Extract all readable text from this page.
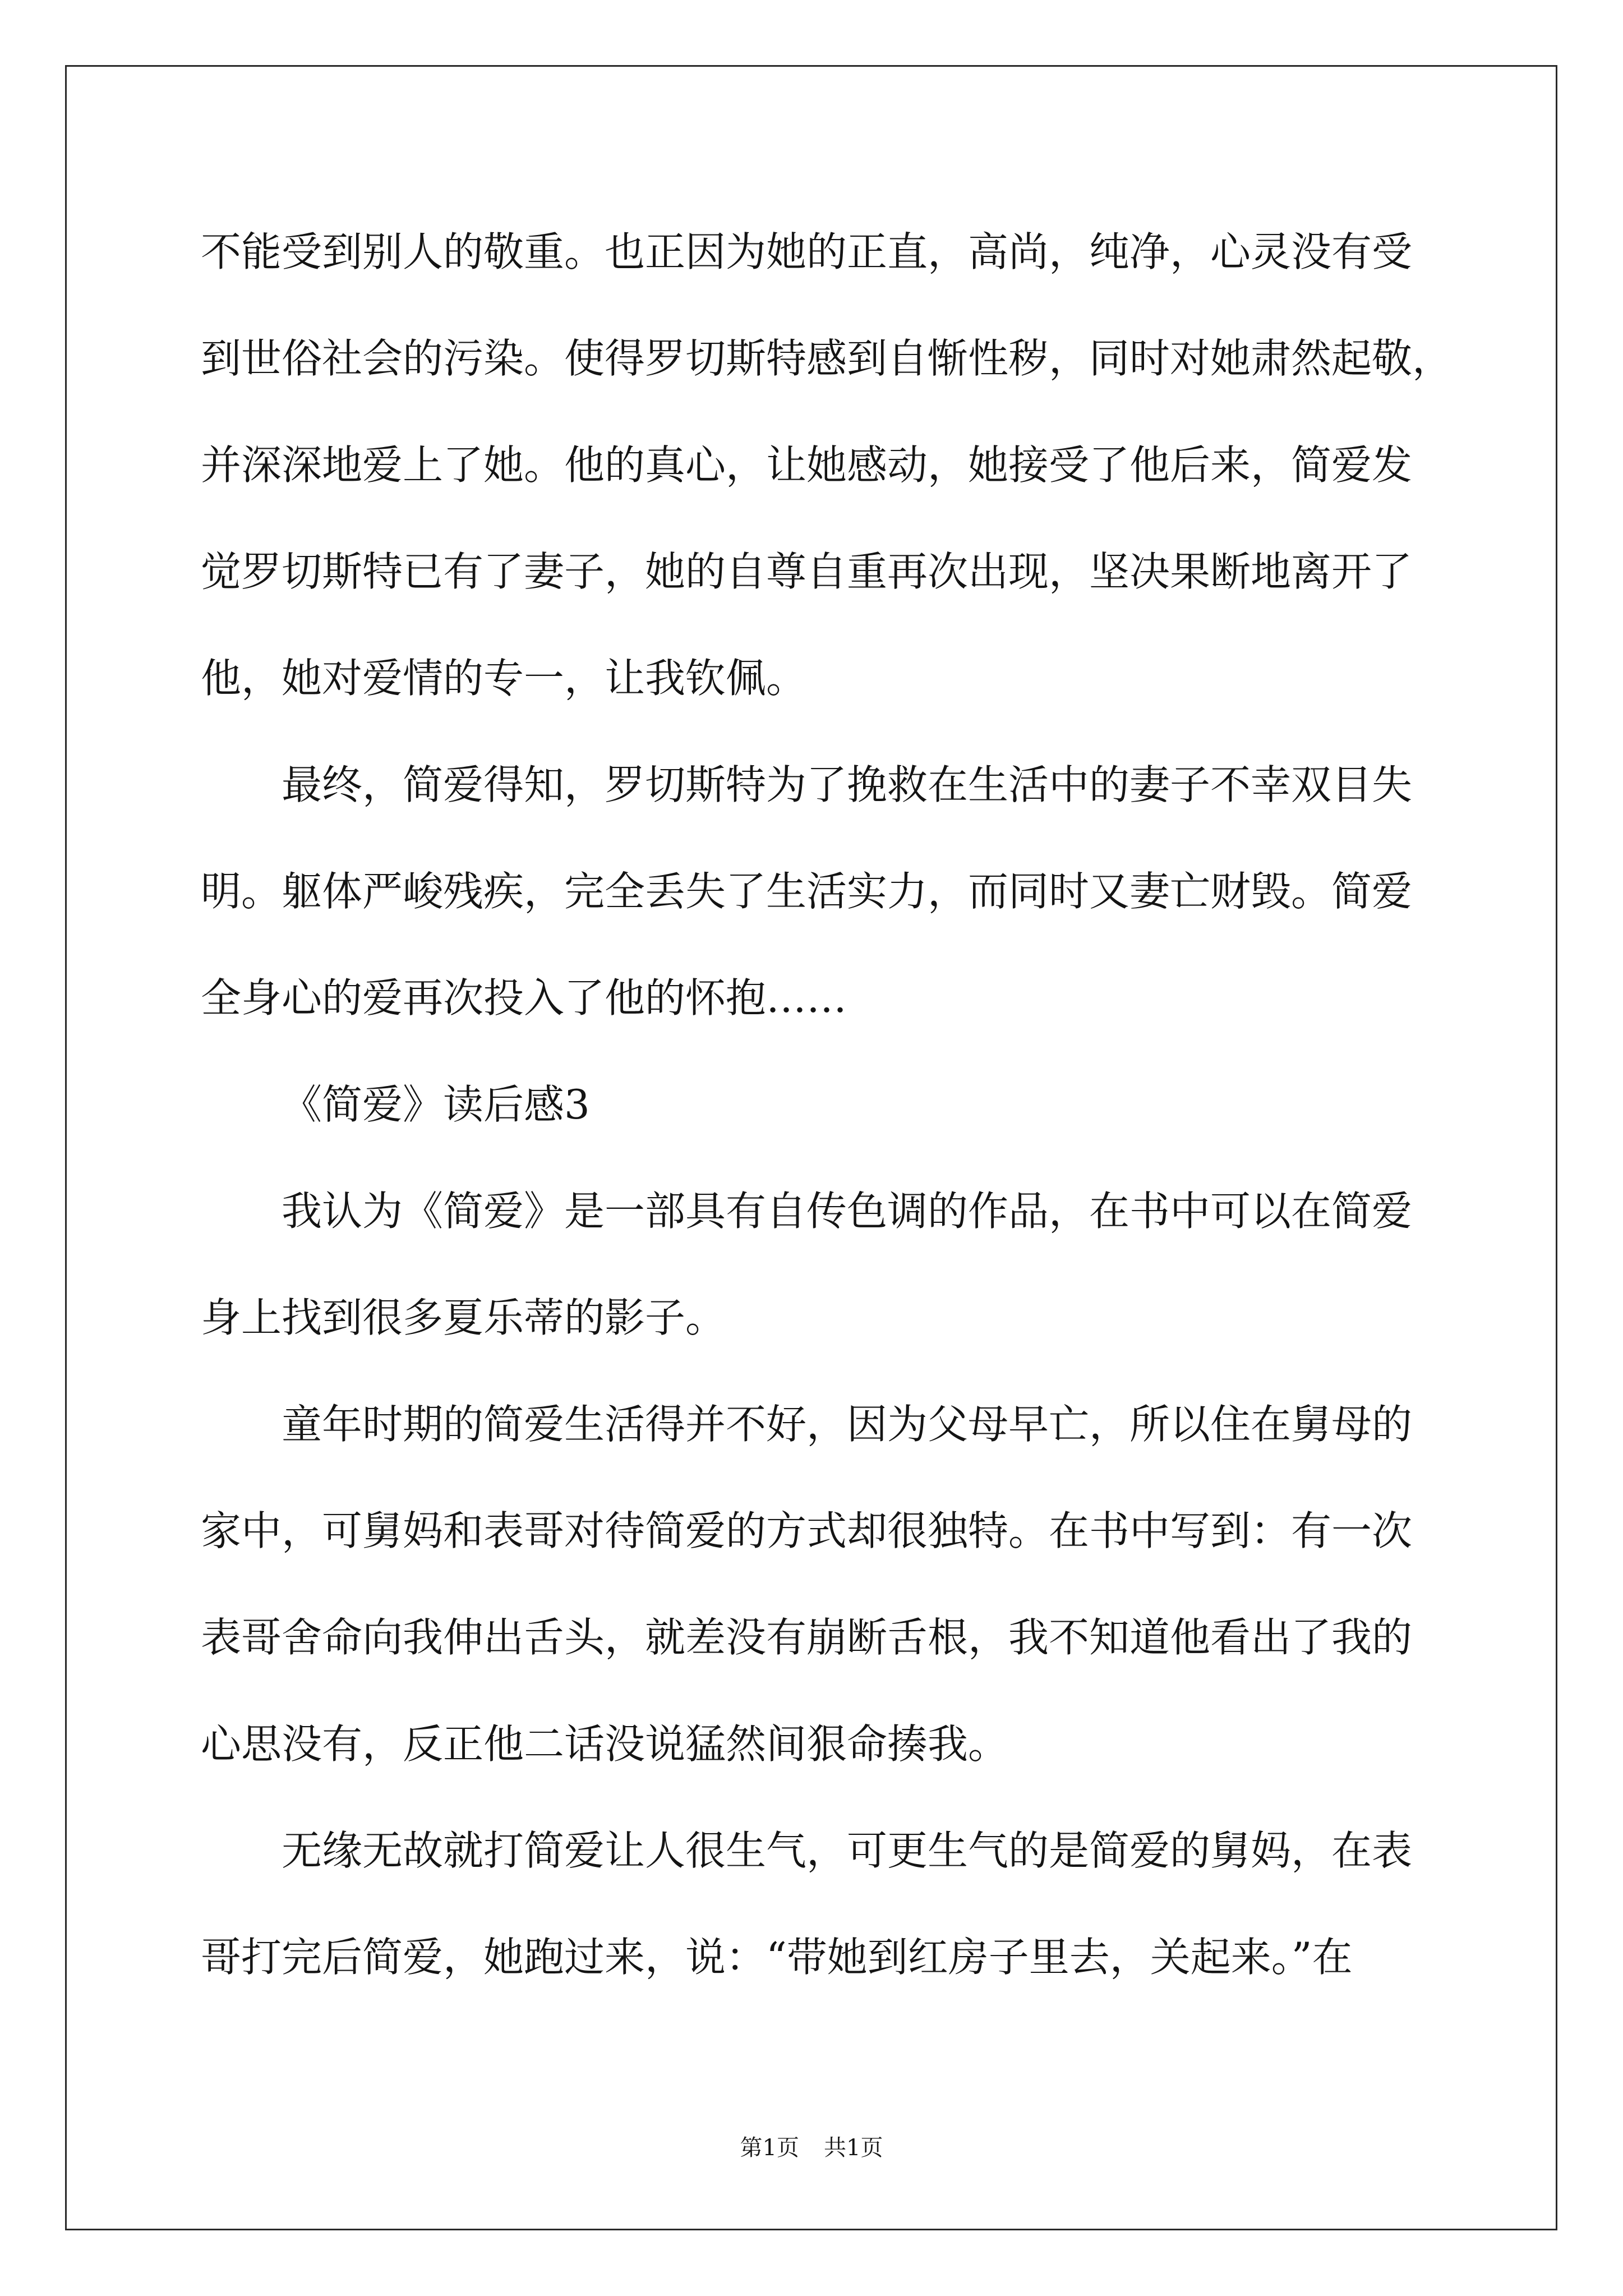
不能受到别人的敬重。也正因为她的正直，高尚，纯净，心灵没有受
到世俗社会的污染。使得罗切斯特感到自惭性秽，同时对她肃然起敬，
并深深地爱上了她。他的真心，让她感动，她接受了他后来，简爱发
觉罗切斯特已有了妻子，她的自尊自重再次出现，坚决果断地离开了
他，她对爱情的专一，让我钦佩。
最终，简爱得知，罗切斯特为了挽救在生活中的妻子不幸双目失
明。躯体严峻残疾，完全丢失了生活实力，而同时又妻亡财毁。简爱
全身心的爱再次投入了他的怀抱……
《简爱》读后感3
我认为《简爱》是一部具有自传色调的作品，在书中可以在简爱
身上找到很多夏乐蒂的影子。
童年时期的简爱生活得并不好，因为父母早亡，所以住在舅母的
家中，可舅妈和表哥对待简爱的方式却很独特。在书中写到：有一次
表哥舍命向我伸出舌头，就差没有崩断舌根，我不知道他看出了我的
心思没有，反正他二话没说猛然间狠命揍我。
无缘无故就打简爱让人很生气，可更生气的是简爱的舅妈，在表
哥打完后简爱，她跑过来，说：“带她到红房子里去，关起来。”在
第1页 共1页
